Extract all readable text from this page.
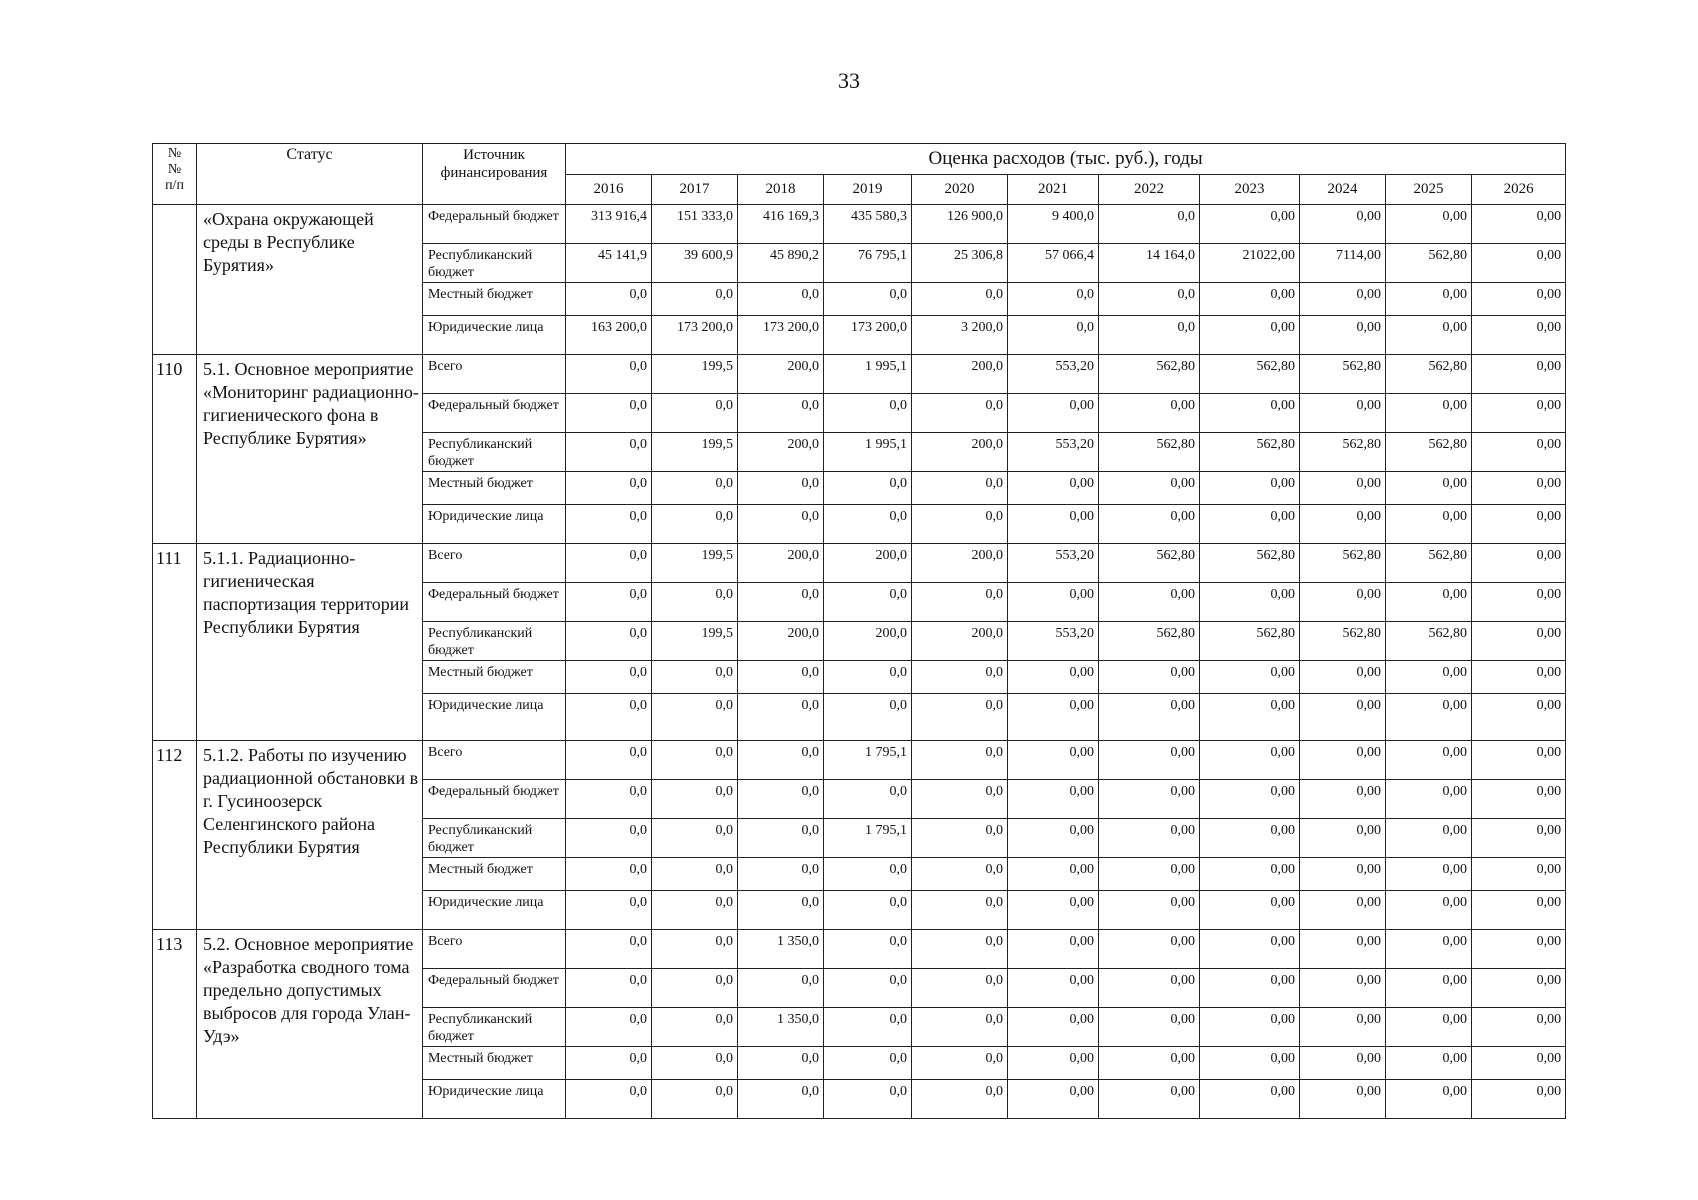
33
№
№
п/п	Статус	Источник финансирования	Оценка расходов (тыс. руб.), годы										
			2016	2017	2018	2019	2020	2021	2022	2023	2024	2025	2026
	«Охрана окружающей среды в Республике Бурятия»	Федеральный бюджет	313 916,4	151 333,0	416 169,3	435 580,3	126 900,0	9 400,0	0,0	0,00	0,00	0,00	0,00
		Республиканский бюджет	45 141,9	39 600,9	45 890,2	76 795,1	25 306,8	57 066,4	14 164,0	21022,00	7114,00	562,80	0,00
		Местный бюджет	0,0	0,0	0,0	0,0	0,0	0,0	0,0	0,00	0,00	0,00	0,00
		Юридические лица	163 200,0	173 200,0	173 200,0	173 200,0	3 200,0	0,0	0,0	0,00	0,00	0,00	0,00
110	5.1. Основное мероприятие «Мониторинг радиационно-гигиенического фона в Республике Бурятия»	Всего	0,0	199,5	200,0	1 995,1	200,0	553,20	562,80	562,80	562,80	562,80	0,00
		Федеральный бюджет	0,0	0,0	0,0	0,0	0,0	0,00	0,00	0,00	0,00	0,00	0,00
		Республиканский бюджет	0,0	199,5	200,0	1 995,1	200,0	553,20	562,80	562,80	562,80	562,80	0,00
		Местный бюджет	0,0	0,0	0,0	0,0	0,0	0,00	0,00	0,00	0,00	0,00	0,00
		Юридические лица	0,0	0,0	0,0	0,0	0,0	0,00	0,00	0,00	0,00	0,00	0,00
111	5.1.1. Радиационно-гигиеническая паспортизация территории Республики Бурятия	Всего	0,0	199,5	200,0	200,0	200,0	553,20	562,80	562,80	562,80	562,80	0,00
		Федеральный бюджет	0,0	0,0	0,0	0,0	0,0	0,00	0,00	0,00	0,00	0,00	0,00
		Республиканский бюджет	0,0	199,5	200,0	200,0	200,0	553,20	562,80	562,80	562,80	562,80	0,00
		Местный бюджет	0,0	0,0	0,0	0,0	0,0	0,00	0,00	0,00	0,00	0,00	0,00
		Юридические лица	0,0	0,0	0,0	0,0	0,0	0,00	0,00	0,00	0,00	0,00	0,00
112	5.1.2. Работы по изучению радиационной обстановки в г. Гусиноозерск Селенгинского района Республики Бурятия	Всего	0,0	0,0	0,0	1 795,1	0,0	0,00	0,00	0,00	0,00	0,00	0,00
		Федеральный бюджет	0,0	0,0	0,0	0,0	0,0	0,00	0,00	0,00	0,00	0,00	0,00
		Республиканский бюджет	0,0	0,0	0,0	1 795,1	0,0	0,00	0,00	0,00	0,00	0,00	0,00
		Местный бюджет	0,0	0,0	0,0	0,0	0,0	0,00	0,00	0,00	0,00	0,00	0,00
		Юридические лица	0,0	0,0	0,0	0,0	0,0	0,00	0,00	0,00	0,00	0,00	0,00
113	5.2. Основное мероприятие «Разработка сводного тома предельно допустимых выбросов для города Улан-Удэ»	Всего	0,0	0,0	1 350,0	0,0	0,0	0,00	0,00	0,00	0,00	0,00	0,00
		Федеральный бюджет	0,0	0,0	0,0	0,0	0,0	0,00	0,00	0,00	0,00	0,00	0,00
		Республиканский бюджет	0,0	0,0	1 350,0	0,0	0,0	0,00	0,00	0,00	0,00	0,00	0,00
		Местный бюджет	0,0	0,0	0,0	0,0	0,0	0,00	0,00	0,00	0,00	0,00	0,00
		Юридические лица	0,0	0,0	0,0	0,0	0,0	0,00	0,00	0,00	0,00	0,00	0,00
